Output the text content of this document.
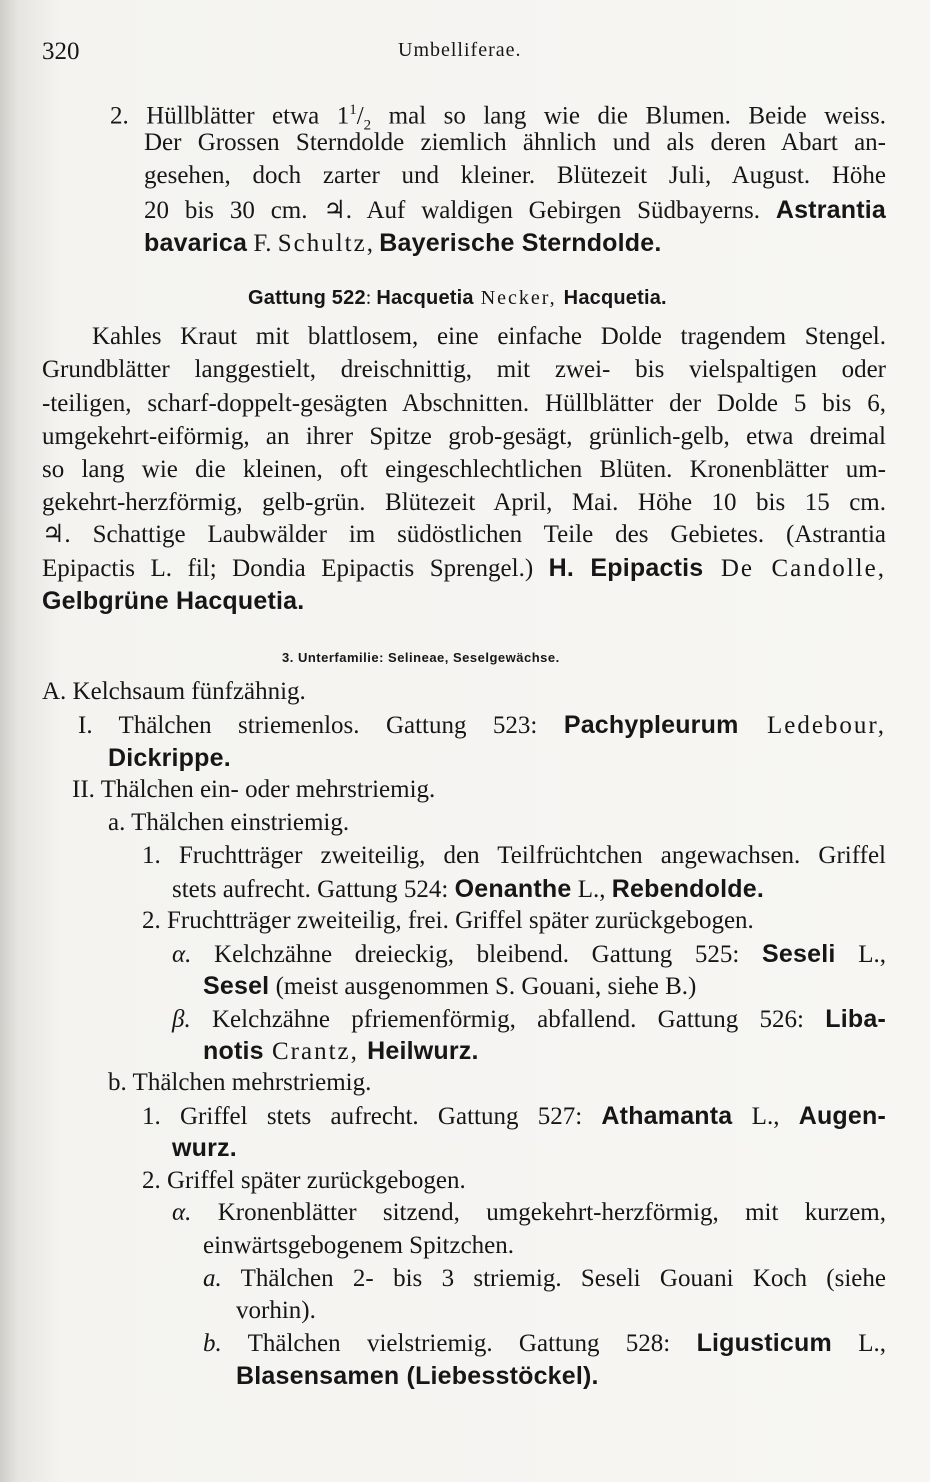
320	Umbelliferae.
2. Hüllblätter etwa $1^1/_2$ mal so lang wie die Blumen. Beide weiss.
Der Grossen Sterndolde ziemlich ähnlich und als deren Abart an-
gesehen, doch zarter und kleiner. Blütezeit Juli, August. Höhe
20 bis 30 cm. ♃. Auf waldigen Gebirgen Südbayerns. Astrantia
bavarica F. Schultz, Bayerische Sterndolde.
Gattung 522: Hacquetia Necker, Hacquetia.
Kahles Kraut mit blattlosem, eine einfache Dolde tragendem Stengel.
Grundblätter langgestielt, dreischnittig, mit zwei- bis vielspaltigen oder
-teiligen, scharf-doppelt-gesägten Abschnitten. Hüllblätter der Dolde 5 bis 6,
umgekehrt-eiförmig, an ihrer Spitze grob-gesägt, grünlich-gelb, etwa dreimal
so lang wie die kleinen, oft eingeschlechtlichen Blüten. Kronenblätter um-
gekehrt-herzförmig, gelb-grün. Blütezeit April, Mai. Höhe 10 bis 15 cm.
♃. Schattige Laubwälder im südöstlichen Teile des Gebietes. (Astrantia
Epipactis L. fil; Dondia Epipactis Sprengel.) H. Epipactis De Candolle,
Gelbgrüne Hacquetia.
3. Unterfamilie: Selineae, Seselgewächse.
A. Kelchsaum fünfzähnig.
I. Thälchen striemenlos. Gattung 523: Pachypleurum Ledebour,
Dickrippe.
II. Thälchen ein- oder mehrstriemig.
a. Thälchen einstriemig.
1. Fruchtträger zweiteilig, den Teilfrüchtchen angewachsen. Griffel
stets aufrecht. Gattung 524: Oenanthe L., Rebendolde.
2. Fruchtträger zweiteilig, frei. Griffel später zurückgebogen.
α. Kelchzähne dreieckig, bleibend. Gattung 525: Seseli L.,
Sesel (meist ausgenommen S. Gouani, siehe B.)
β. Kelchzähne pfriemenförmig, abfallend. Gattung 526: Liba-
notis Crantz, Heilwurz.
b. Thälchen mehrstriemig.
1. Griffel stets aufrecht. Gattung 527: Athamanta L., Augen-
wurz.
2. Griffel später zurückgebogen.
α. Kronenblätter sitzend, umgekehrt-herzförmig, mit kurzem,
einwärtsgebogenem Spitzchen.
a. Thälchen 2- bis 3 striemig. Seseli Gouani Koch (siehe
vorhin).
b. Thälchen vielstriemig. Gattung 528: Ligusticum L.,
Blasensamen (Liebesstöckel).
